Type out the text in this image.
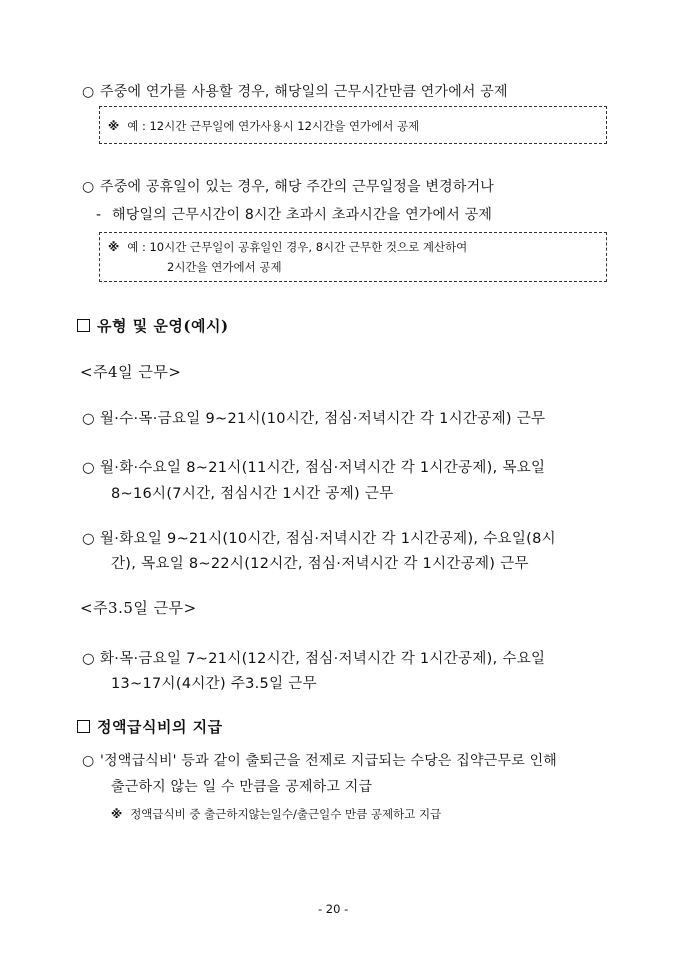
○ 주중에 연가를 사용할 경우, 해당일의 근무시간만큼 연가에서 공제
※ 예 : 12시간 근무일에 연가사용시 12시간을 연가에서 공제
○ 주중에 공휴일이 있는 경우, 해당 주간의 근무일정을 변경하거나
- 해당일의 근무시간이 8시간 초과시 초과시간을 연가에서 공제
※ 예 : 10시간 근무일이 공휴일인 경우, 8시간 근무한 것으로 계산하여
2시간을 연가에서 공제
유형 및 운영(예시)
<주4일 근무>
○ 월·수·목·금요일 9~21시(10시간, 점심·저녁시간 각 1시간공제) 근무
○ 월·화·수요일 8~21시(11시간, 점심·저녁시간 각 1시간공제), 목요일
8~16시(7시간, 점심시간 1시간 공제) 근무
○ 월·화요일 9~21시(10시간, 점심·저녁시간 각 1시간공제), 수요일(8시
간), 목요일 8~22시(12시간, 점심·저녁시간 각 1시간공제) 근무
<주3.5일 근무>
○ 화·목·금요일 7~21시(12시간, 점심·저녁시간 각 1시간공제), 수요일
13~17시(4시간) 주3.5일 근무
정액급식비의 지급
○ '정액급식비' 등과 같이 출퇴근을 전제로 지급되는 수당은 집약근무로 인해
출근하지 않는 일 수 만큼을 공제하고 지급
※ 정액급식비 중 출근하지않는일수/출근일수 만큼 공제하고 지급
- 20 -
